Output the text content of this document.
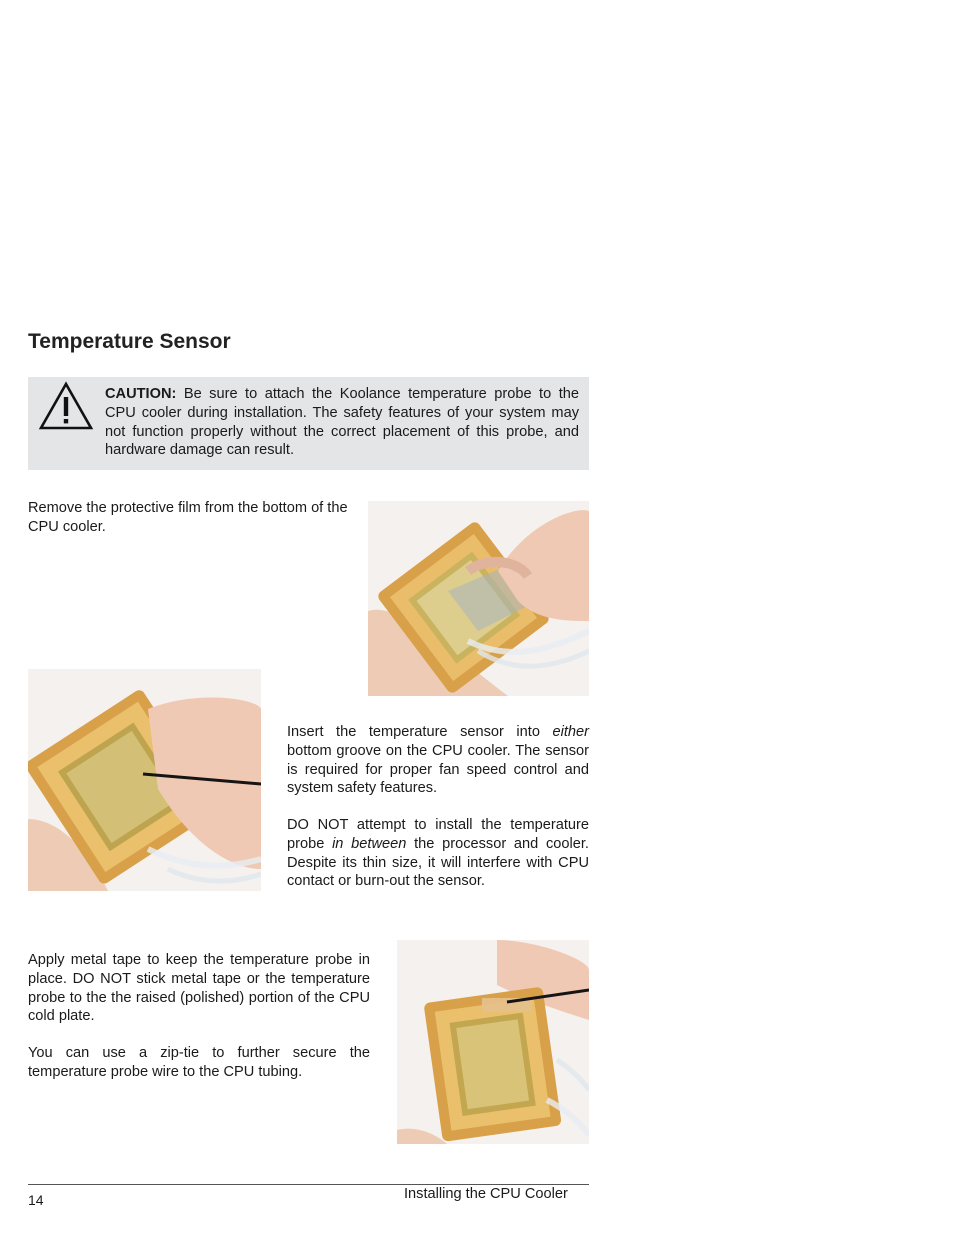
Temperature Sensor
CAUTION: Be sure to attach the Koolance temperature probe to the CPU cooler during installation. The safety features of your system may not function properly without the correct placement of this probe, and hardware damage can result.
Remove the protective film from the bottom of the CPU cooler.
Insert the temperature sensor into either bottom groove on the CPU cooler. The sensor is required for proper fan speed control and system safety features.
DO NOT attempt to install the temperature probe in between the processor and cooler. Despite its thin size, it will interfere with CPU contact or burn-out the sensor.
Apply metal tape to keep the temperature probe in place. DO NOT stick metal tape or the temperature probe to the the raised (polished) portion of the CPU cold plate.
You can use a zip-tie to further secure the temperature probe wire to the CPU tubing.
14	Installing the CPU Cooler
